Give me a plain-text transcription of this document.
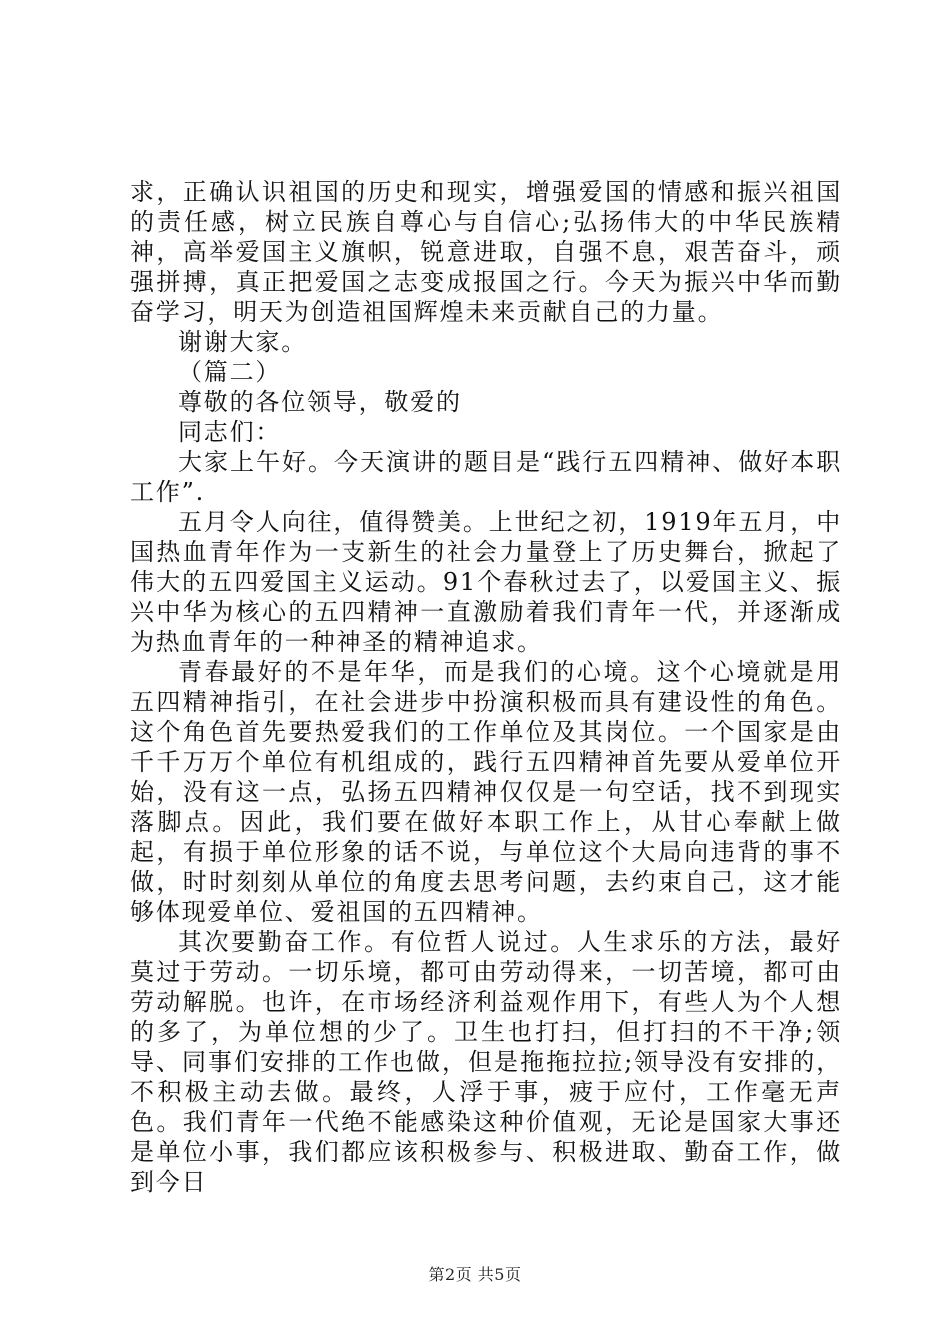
求，正确认识祖国的历史和现实，增强爱国的情感和振兴祖国的责任感，树立民族自尊心与自信心;弘扬伟大的中华民族精神，高举爱国主义旗帜，锐意进取，自强不息，艰苦奋斗，顽强拼搏，真正把爱国之志变成报国之行。今天为振兴中华而勤奋学习，明天为创造祖国辉煌未来贡献自己的力量。

谢谢大家。

（篇二）

尊敬的各位领导，敬爱的

同志们：

大家上午好。今天演讲的题目是“践行五四精神、做好本职工作”.

五月令人向往，值得赞美。上世纪之初，1919年五月，中国热血青年作为一支新生的社会力量登上了历史舞台，掀起了伟大的五四爱国主义运动。91个春秋过去了，以爱国主义、振兴中华为核心的五四精神一直激励着我们青年一代，并逐渐成为热血青年的一种神圣的精神追求。

青春最好的不是年华，而是我们的心境。这个心境就是用五四精神指引，在社会进步中扮演积极而具有建设性的角色。这个角色首先要热爱我们的工作单位及其岗位。一个国家是由千千万万个单位有机组成的，践行五四精神首先要从爱单位开始，没有这一点，弘扬五四精神仅仅是一句空话，找不到现实落脚点。因此，我们要在做好本职工作上，从甘心奉献上做起，有损于单位形象的话不说，与单位这个大局向违背的事不做，时时刻刻从单位的角度去思考问题，去约束自己，这才能够体现爱单位、爱祖国的五四精神。

其次要勤奋工作。有位哲人说过。人生求乐的方法，最好莫过于劳动。一切乐境，都可由劳动得来，一切苦境，都可由劳动解脱。也许，在市场经济利益观作用下，有些人为个人想的多了，为单位想的少了。卫生也打扫，但打扫的不干净;领导、同事们安排的工作也做，但是拖拖拉拉;领导没有安排的，不积极主动去做。最终，人浮于事，疲于应付，工作毫无声色。我们青年一代绝不能感染这种价值观，无论是国家大事还是单位小事，我们都应该积极参与、积极进取、勤奋工作，做到今日

第2页 共5页
